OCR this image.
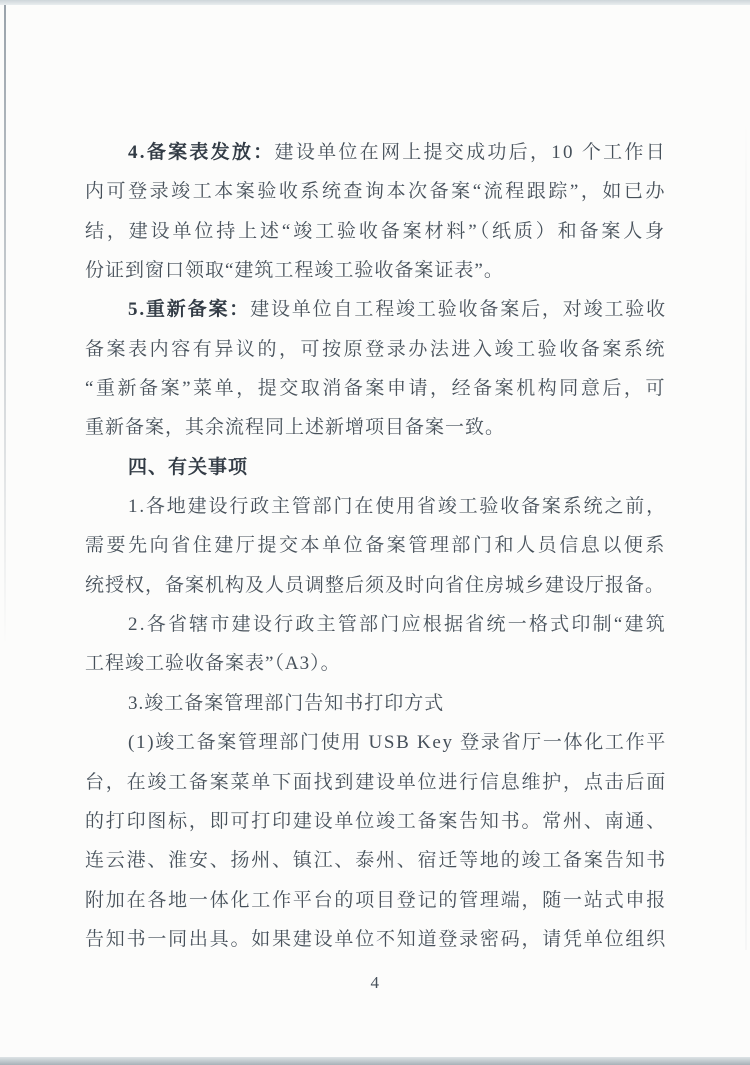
4.备案表发放：建设单位在网上提交成功后，10 个工作日
内可登录竣工本案验收系统查询本次备案“流程跟踪”，如已办
结，建设单位持上述“竣工验收备案材料”（纸质）和备案人身
份证到窗口领取“建筑工程竣工验收备案证表”。
5.重新备案：建设单位自工程竣工验收备案后，对竣工验收
备案表内容有异议的，可按原登录办法进入竣工验收备案系统
“重新备案”菜单，提交取消备案申请，经备案机构同意后，可
重新备案，其余流程同上述新增项目备案一致。
四、有关事项
1.各地建设行政主管部门在使用省竣工验收备案系统之前，
需要先向省住建厅提交本单位备案管理部门和人员信息以便系
统授权，备案机构及人员调整后须及时向省住房城乡建设厅报备。
2.各省辖市建设行政主管部门应根据省统一格式印制“建筑
工程竣工验收备案表”（A3）。
3.竣工备案管理部门告知书打印方式
(1)竣工备案管理部门使用 USB Key 登录省厅一体化工作平
台，在竣工备案菜单下面找到建设单位进行信息维护，点击后面
的打印图标，即可打印建设单位竣工备案告知书。常州、南通、
连云港、淮安、扬州、镇江、泰州、宿迁等地的竣工备案告知书
附加在各地一体化工作平台的项目登记的管理端，随一站式申报
告知书一同出具。如果建设单位不知道登录密码，请凭单位组织
4
